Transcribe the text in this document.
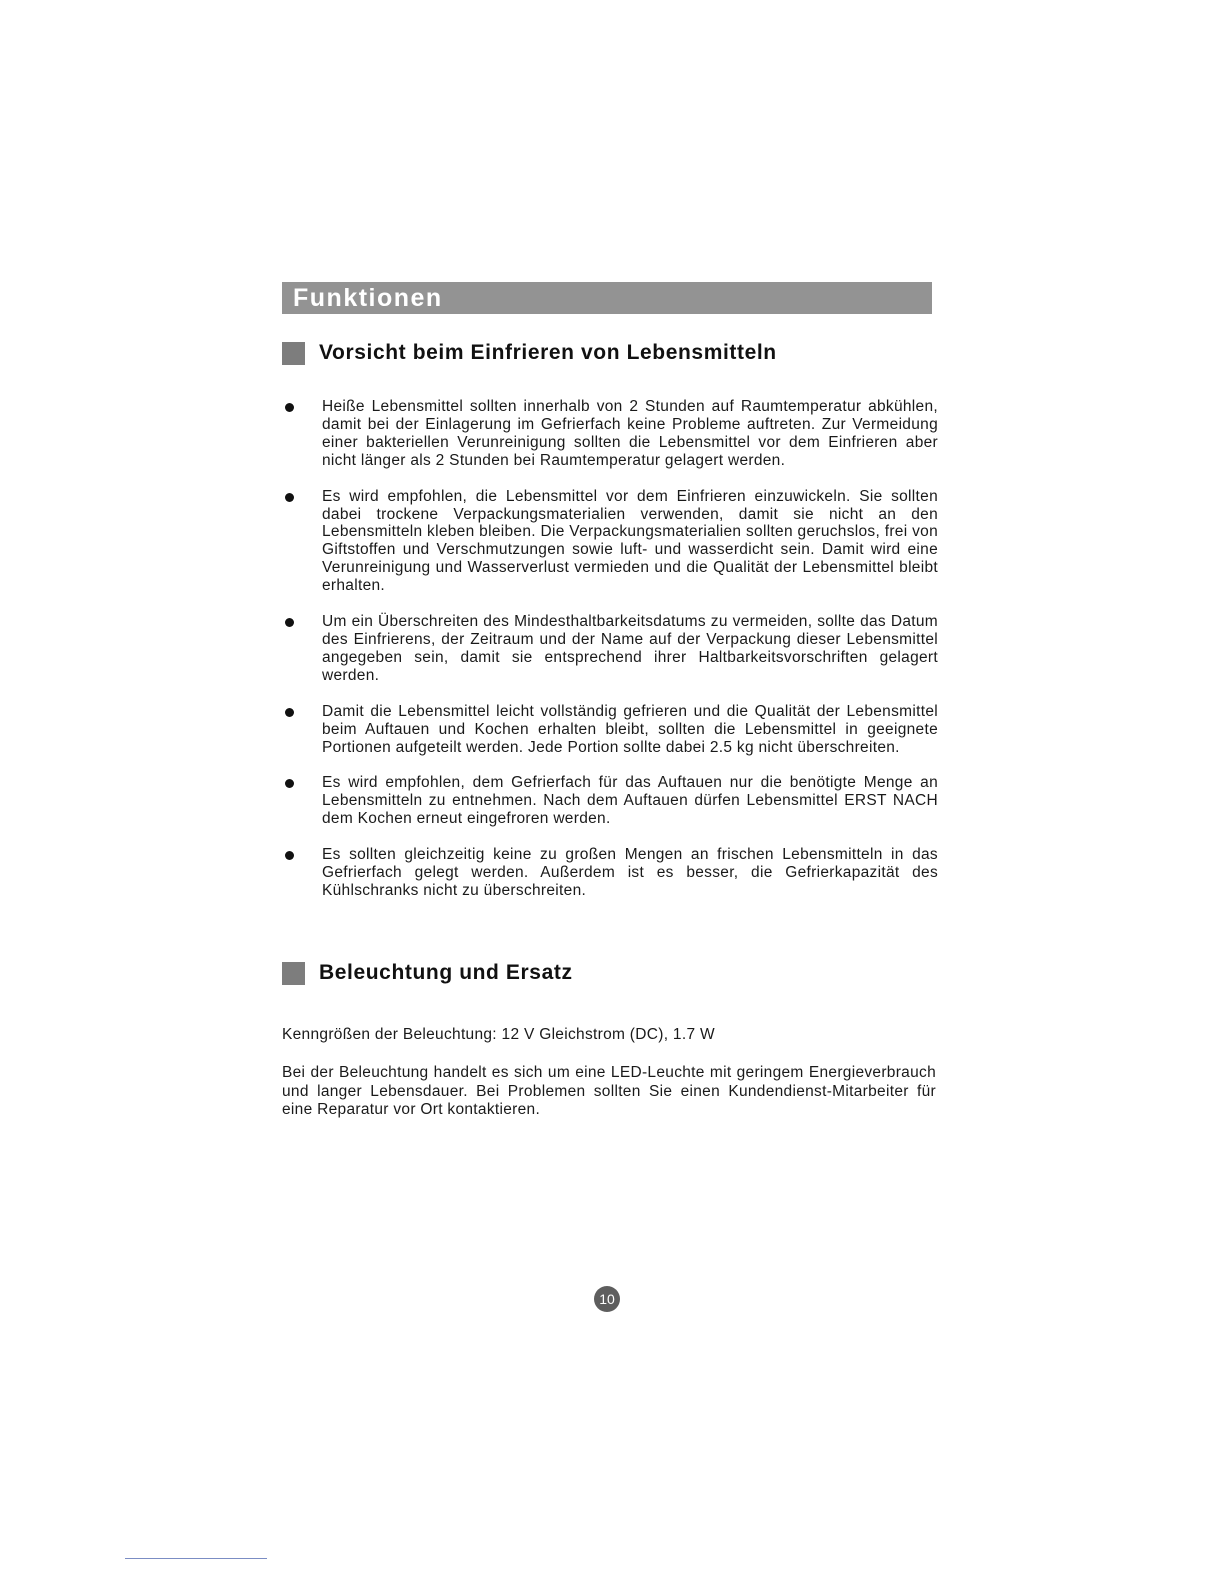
Funktionen
Vorsicht beim Einfrieren von Lebensmitteln
Heiße Lebensmittel sollten innerhalb von 2 Stunden auf Raumtemperatur abkühlen, damit bei der Einlagerung im Gefrierfach keine Probleme auftreten. Zur Vermeidung einer bakteriellen Verunreinigung sollten die Lebensmittel vor dem Einfrieren aber nicht länger als 2 Stunden bei Raumtemperatur gelagert werden.
Es wird empfohlen, die Lebensmittel vor dem Einfrieren einzuwickeln. Sie sollten dabei trockene Verpackungsmaterialien verwenden, damit sie nicht an den Lebensmitteln kleben bleiben. Die Verpackungsmaterialien sollten geruchslos, frei von Giftstoffen und Verschmutzungen sowie luft- und wasserdicht sein. Damit wird eine Verunreinigung und Wasserverlust vermieden und die Qualität der Lebensmittel bleibt erhalten.
Um ein Überschreiten des Mindesthaltbarkeitsdatums zu vermeiden, sollte das Datum des Einfrierens, der Zeitraum und der Name auf der Verpackung dieser Lebensmittel angegeben sein, damit sie entsprechend ihrer Haltbarkeitsvorschriften gelagert werden.
Damit die Lebensmittel leicht vollständig gefrieren und die Qualität der Lebensmittel beim Auftauen und Kochen erhalten bleibt, sollten die Lebensmittel in geeignete Portionen aufgeteilt werden. Jede Portion sollte dabei 2.5 kg nicht überschreiten.
Es wird empfohlen, dem Gefrierfach für das Auftauen nur die benötigte Menge an Lebensmitteln zu entnehmen. Nach dem Auftauen dürfen Lebensmittel ERST NACH dem Kochen erneut eingefroren werden.
Es sollten gleichzeitig keine zu großen Mengen an frischen Lebensmitteln in das Gefrierfach gelegt werden. Außerdem ist es besser, die Gefrierkapazität des Kühlschranks nicht zu überschreiten.
Beleuchtung und Ersatz

Kenngrößen der Beleuchtung: 12 V Gleichstrom (DC), 1.7 W

Bei der Beleuchtung handelt es sich um eine LED-Leuchte mit geringem Energieverbrauch und langer Lebensdauer. Bei Problemen sollten Sie einen Kundendienst-Mitarbeiter für eine Reparatur vor Ort kontaktieren.

10
